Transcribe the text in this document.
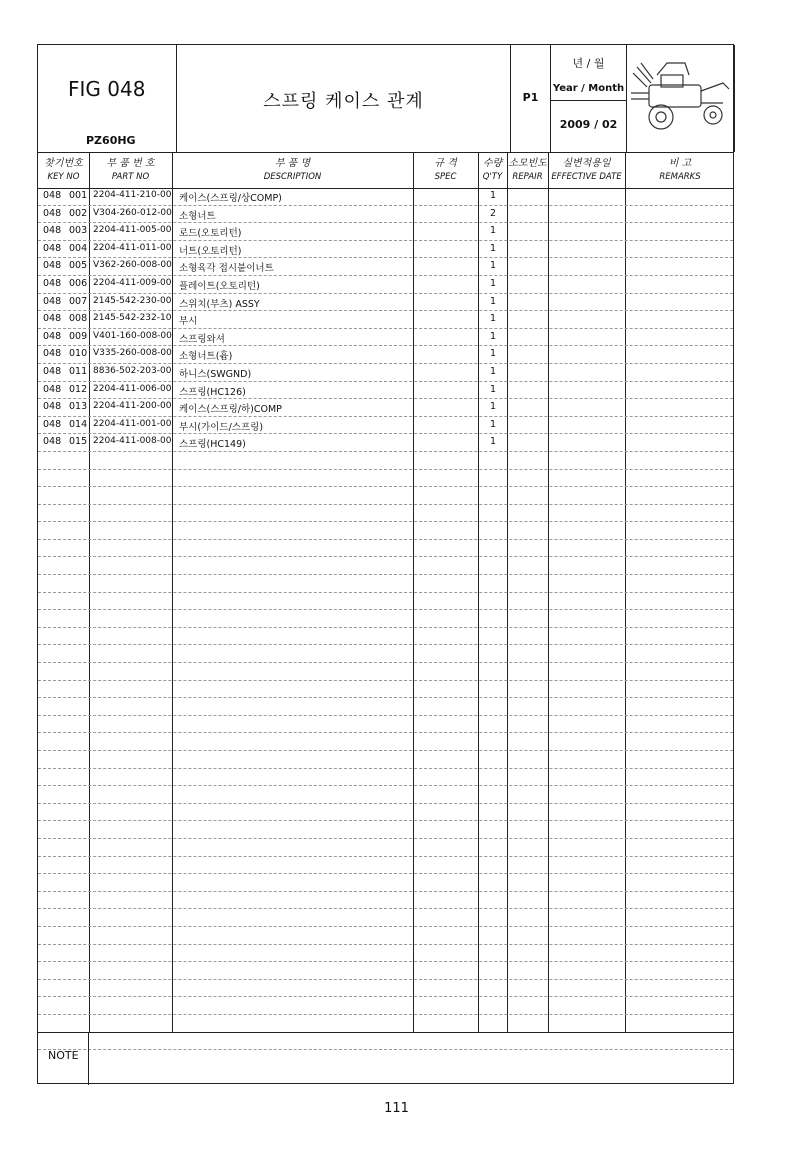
FIG 048
PZ60HG
스프링 케이스 관계	P1
년 / 월
Year / Month
2009 / 02
찾기번호
KEY NO
부 품 번 호
PART NO
부 품 명
DESCRIPTION
규 격
SPEC
수량
Q'TY
소모빈도
REPAIR
실변적용일
EFFECTIVE DATE
비 고
REMARKS
048 001 2204-411-210-00 케이스(스프링/상COMP)	1
048 002 V304-260-012-00 소형너트	2
048 003 2204-411-005-00 로드(오토리턴)	1
048 004 2204-411-011-00 너트(오토리턴)	1
048 005 V362-260-008-00 소형육각 접시붙이너트	1
048 006 2204-411-009-00 플레이트(오토리턴)	1
048 007 2145-542-230-00 스위치(부츠) ASSY	1
048 008 2145-542-232-10 부시	1
048 009 V401-160-008-00 스프링와셔	1
048 010 V335-260-008-00 소형너트(흄)	1
048 011 8836-502-203-00 하니스(SWGND)	1
048 012 2204-411-006-00 스프링(HC126)	1
048 013 2204-411-200-00 케이스(스프링/하)COMP	1
048 014 2204-411-001-00 부시(가이드/스프링)	1
048 015 2204-411-008-00 스프링(HC149)	1
NOTE
111
